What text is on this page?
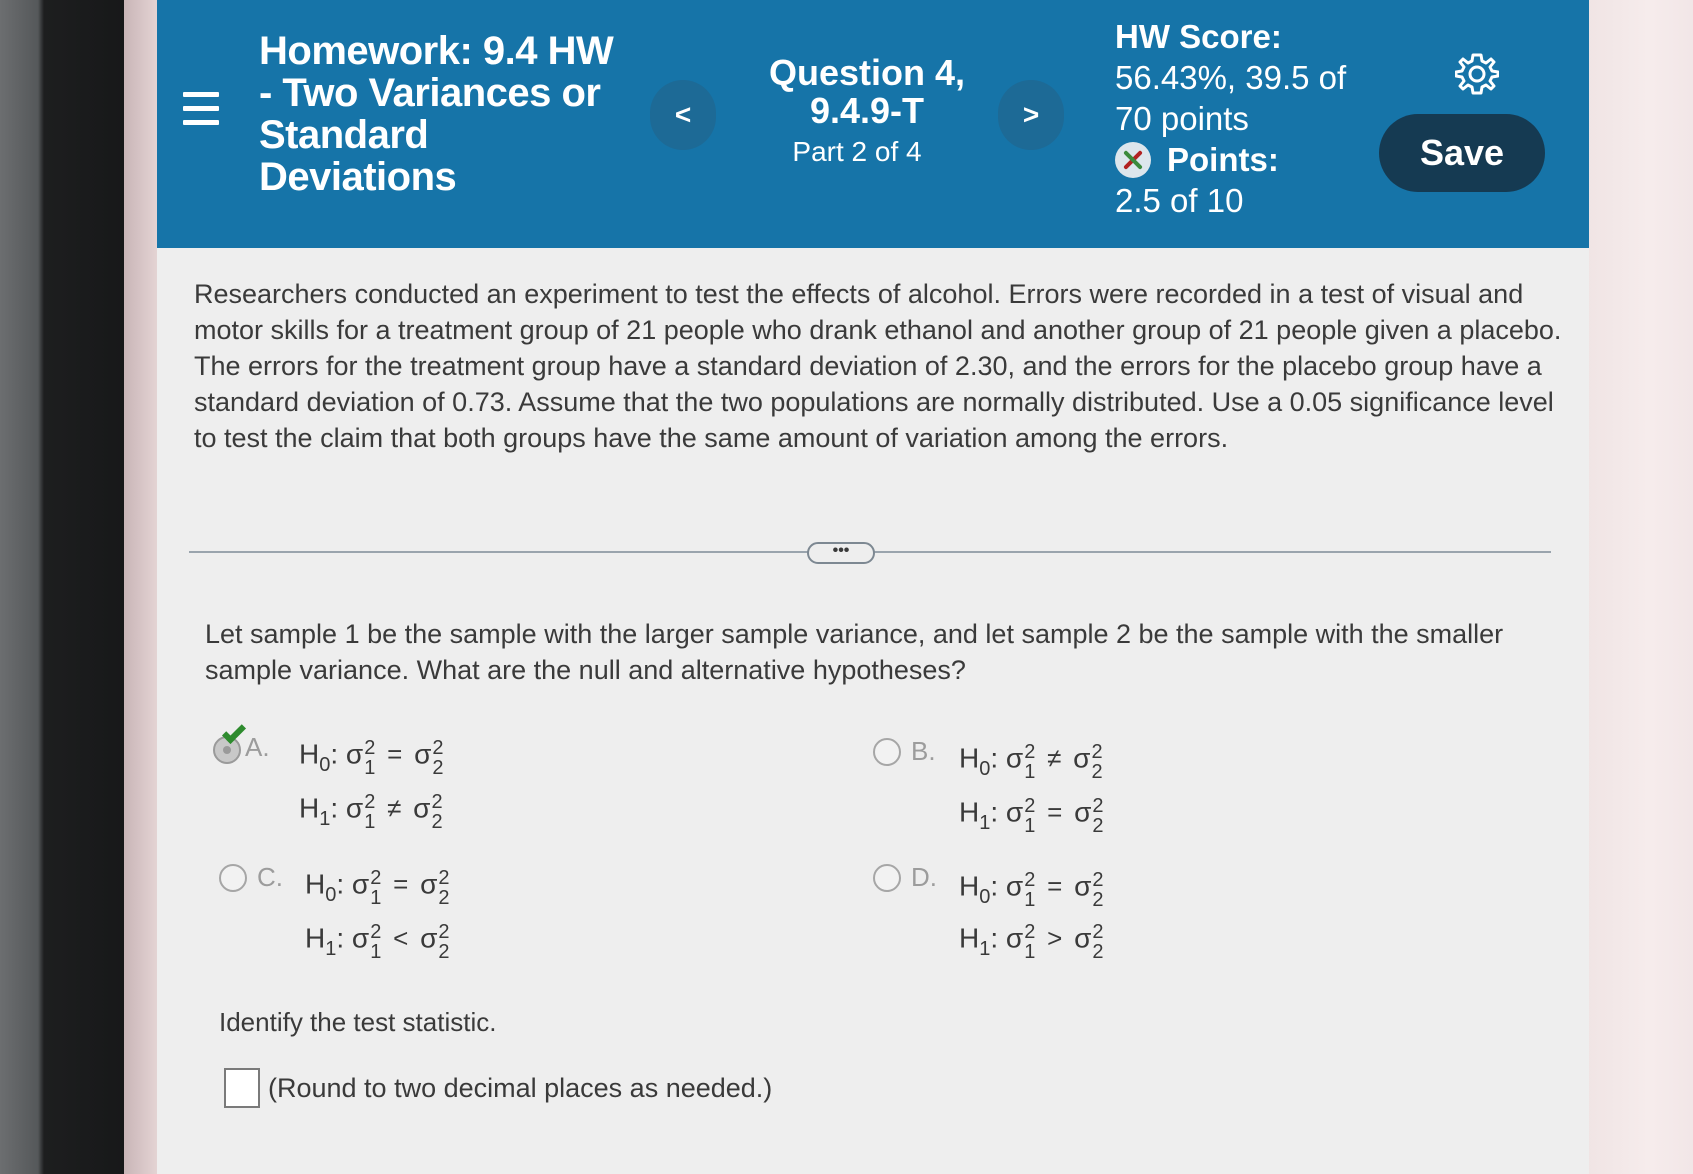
Homework: 9.4 HW - Two Variances or Standard Deviations
<
Question 4, 9.4.9-T
Part 2 of 4
>
HW Score:
56.43%, 39.5 of 70 points
Points:
2.5 of 10
Save
Researchers conducted an experiment to test the effects of alcohol. Errors were recorded in a test of visual and motor skills for a treatment group of 21 people who drank ethanol and another group of 21 people given a placebo. The errors for the treatment group have a standard deviation of 2.30, and the errors for the placebo group have a standard deviation of 0.73. Assume that the two populations are normally distributed. Use a 0.05 significance level to test the claim that both groups have the same amount of variation among the errors.
•••
Let sample 1 be the sample with the larger sample variance, and let sample 2 be the sample with the smaller sample variance. What are the null and alternative hypotheses?
A. $H_0$: σ 2
1 = σ 2
2
$H_1$: σ 2
1 ≠ σ 2
2
B. $H_0$: σ 2
1 ≠ σ 2
2
$H_1$: σ 2
1 = σ 2
2
C. $H_0$: σ 2
1 = σ 2
2
$H_1$: σ 2
1 < σ 2
2
D. $H_0$: σ 2
1 = σ 2
2
$H_1$: σ 2
1 > σ 2
2
Identify the test statistic.
(Round to two decimal places as needed.)
